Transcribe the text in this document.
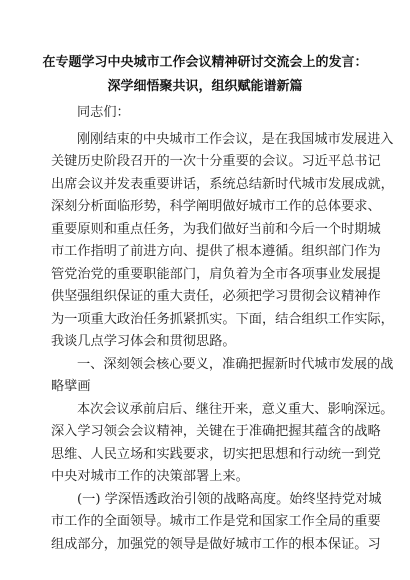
在专题学习中央城市工作会议精神研讨交流会上的发言：
深学细悟聚共识，组织赋能谱新篇
同志们：
刚刚结束的中央城市工作会议，是在我国城市发展进入
关键历史阶段召开的一次十分重要的会议。习近平总书记
出席会议并发表重要讲话，系统总结新时代城市发展成就，
深刻分析面临形势，科学阐明做好城市工作的总体要求、
重要原则和重点任务，为我们做好当前和今后一个时期城
市工作指明了前进方向、提供了根本遵循。组织部门作为
管党治党的重要职能部门，肩负着为全市各项事业发展提
供坚强组织保证的重大责任，必须把学习贯彻会议精神作
为一项重大政治任务抓紧抓实。下面，结合组织工作实际，
我谈几点学习体会和贯彻思路。
一、深刻领会核心要义，准确把握新时代城市发展的战
略擘画
本次会议承前启后、继往开来，意义重大、影响深远。
深入学习领会会议精神，关键在于准确把握其蕴含的战略
思维、人民立场和实践要求，切实把思想和行动统一到党
中央对城市工作的决策部署上来。
(一) 学深悟透政治引领的战略高度。始终坚持党对城
市工作的全面领导。城市工作是党和国家工作全局的重要
组成部分，加强党的领导是做好城市工作的根本保证。习
